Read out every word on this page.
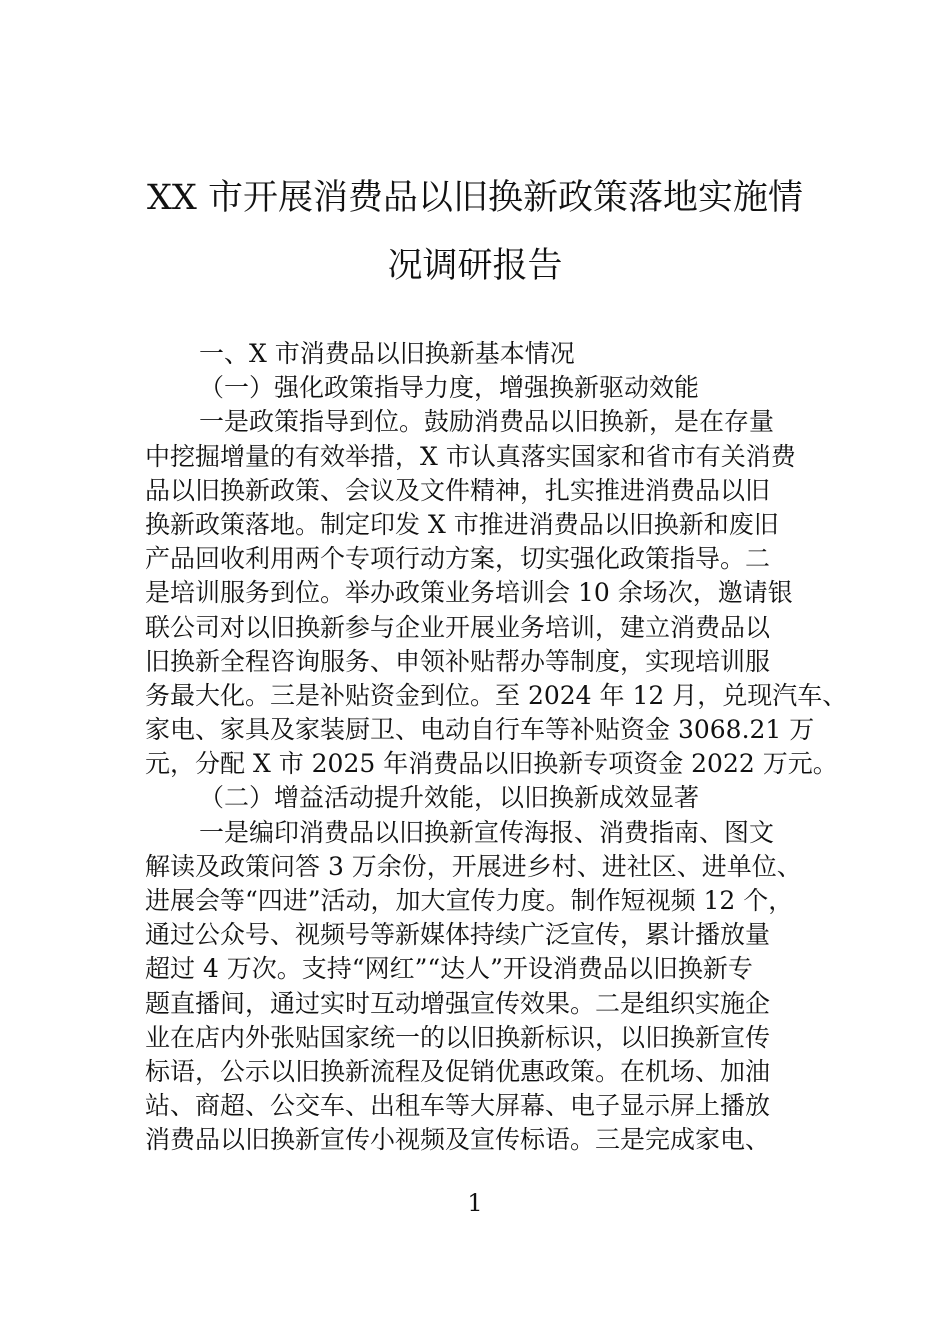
XX 市开展消费品以旧换新政策落地实施情
况调研报告
一、X 市消费品以旧换新基本情况
（一）强化政策指导力度，增强换新驱动效能
一是政策指导到位。鼓励消费品以旧换新，是在存量
中挖掘增量的有效举措，X 市认真落实国家和省市有关消费
品以旧换新政策、会议及文件精神，扎实推进消费品以旧
换新政策落地。制定印发 X 市推进消费品以旧换新和废旧
产品回收利用两个专项行动方案，切实强化政策指导。二
是培训服务到位。举办政策业务培训会 10 余场次，邀请银
联公司对以旧换新参与企业开展业务培训，建立消费品以
旧换新全程咨询服务、申领补贴帮办等制度，实现培训服
务最大化。三是补贴资金到位。至 2024 年 12 月，兑现汽车、
家电、家具及家装厨卫、电动自行车等补贴资金 3068.21 万
元，分配 X 市 2025 年消费品以旧换新专项资金 2022 万元。
（二）增益活动提升效能，以旧换新成效显著
一是编印消费品以旧换新宣传海报、消费指南、图文
解读及政策问答 3 万余份，开展进乡村、进社区、进单位、
进展会等“四进”活动，加大宣传力度。制作短视频 12 个，
通过公众号、视频号等新媒体持续广泛宣传，累计播放量
超过 4 万次。支持“网红”“达人”开设消费品以旧换新专
题直播间，通过实时互动增强宣传效果。二是组织实施企
业在店内外张贴国家统一的以旧换新标识，以旧换新宣传
标语，公示以旧换新流程及促销优惠政策。在机场、加油
站、商超、公交车、出租车等大屏幕、电子显示屏上播放
消费品以旧换新宣传小视频及宣传标语。三是完成家电、
1
